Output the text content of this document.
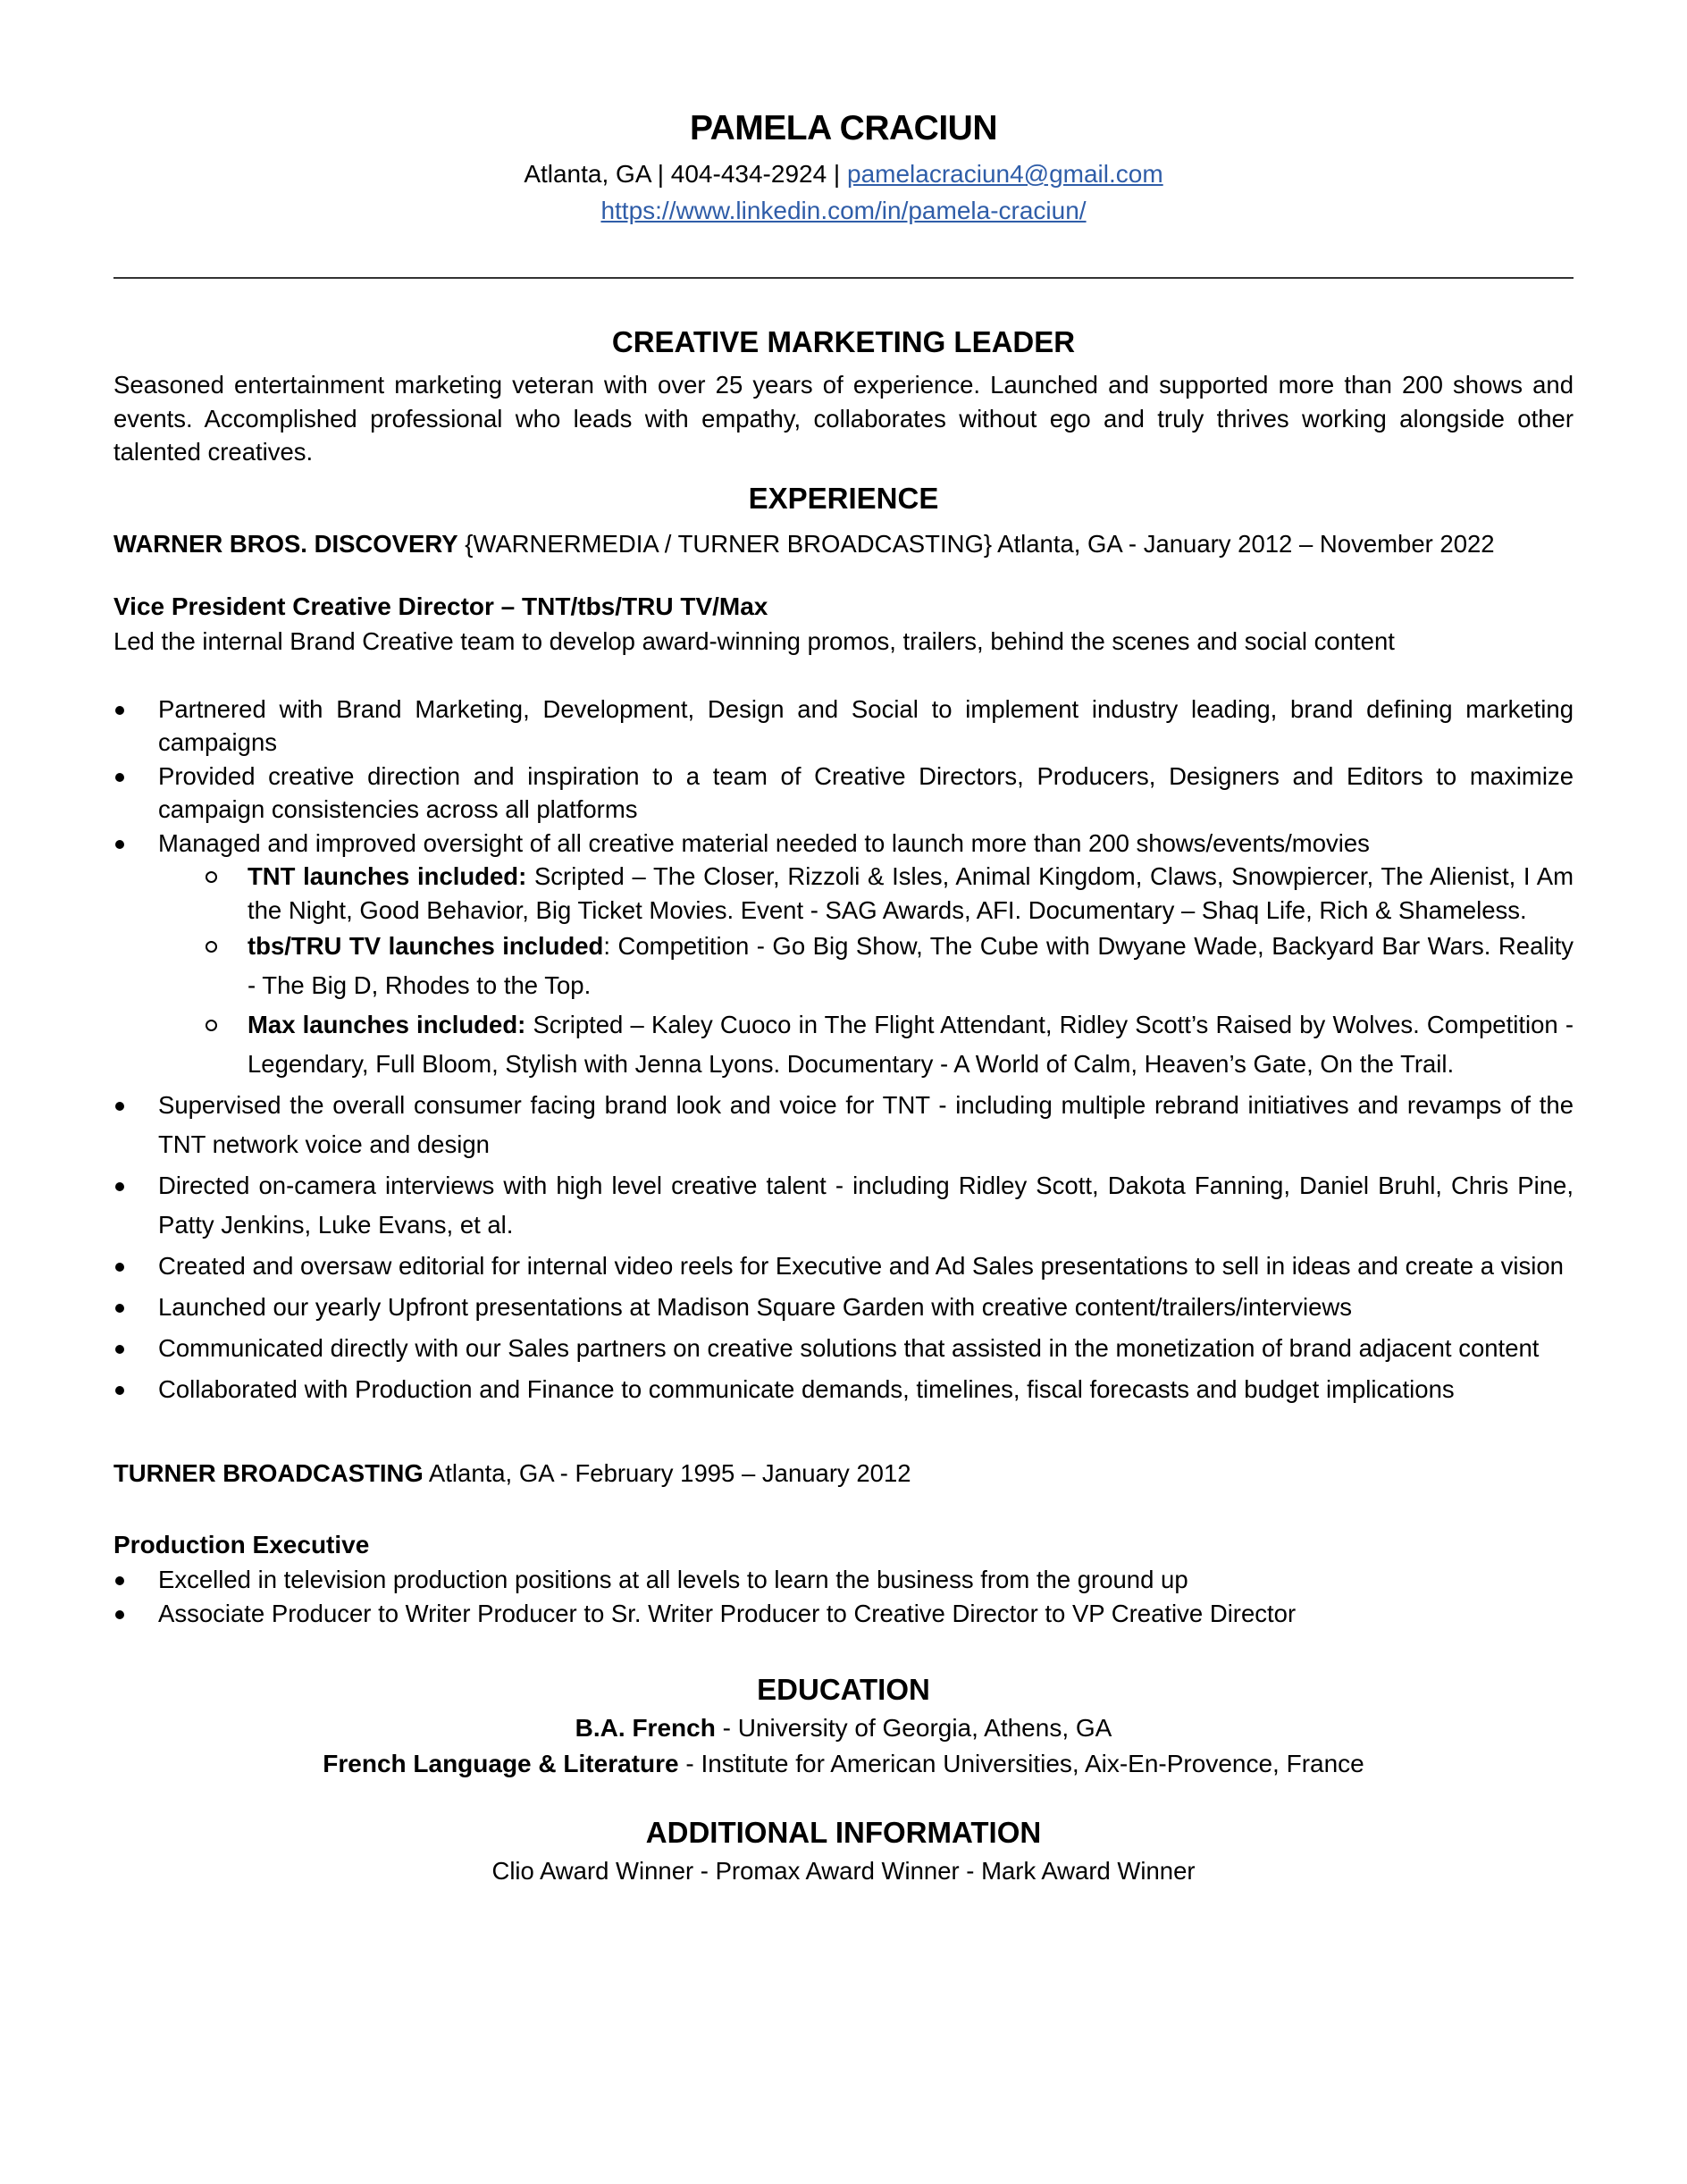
PAMELA CRACIUN
Atlanta, GA | 404-434-2924 | pamelacraciun4@gmail.com
https://www.linkedin.com/in/pamela-craciun/
CREATIVE MARKETING LEADER

Seasoned entertainment marketing veteran with over 25 years of experience. Launched and supported more than 200 shows and events. Accomplished professional who leads with empathy, collaborates without ego and truly thrives working alongside other talented creatives.

EXPERIENCE
WARNER BROS. DISCOVERY {WARNERMEDIA / TURNER BROADCASTING} Atlanta, GA - January 2012 – November 2022
Vice President Creative Director – TNT/tbs/TRU TV/Max
Led the internal Brand Creative team to develop award-winning promos, trailers, behind the scenes and social content
Partnered with Brand Marketing, Development, Design and Social to implement industry leading, brand defining marketing campaigns
Provided creative direction and inspiration to a team of Creative Directors, Producers, Designers and Editors to maximize campaign consistencies across all platforms
Managed and improved oversight of all creative material needed to launch more than 200 shows/events/movies
TNT launches included: Scripted – The Closer, Rizzoli & Isles, Animal Kingdom, Claws, Snowpiercer, The Alienist, I Am the Night, Good Behavior, Big Ticket Movies. Event - SAG Awards, AFI. Documentary – Shaq Life, Rich & Shameless.
tbs/TRU TV launches included: Competition - Go Big Show, The Cube with Dwyane Wade, Backyard Bar Wars. Reality - The Big D, Rhodes to the Top.
Max launches included: Scripted – Kaley Cuoco in The Flight Attendant, Ridley Scott’s Raised by Wolves. Competition - Legendary, Full Bloom, Stylish with Jenna Lyons. Documentary - A World of Calm, Heaven’s Gate, On the Trail.
Supervised the overall consumer facing brand look and voice for TNT - including multiple rebrand initiatives and revamps of the TNT network voice and design
Directed on-camera interviews with high level creative talent - including Ridley Scott, Dakota Fanning, Daniel Bruhl, Chris Pine, Patty Jenkins, Luke Evans, et al.
Created and oversaw editorial for internal video reels for Executive and Ad Sales presentations to sell in ideas and create a vision
Launched our yearly Upfront presentations at Madison Square Garden with creative content/trailers/interviews
Communicated directly with our Sales partners on creative solutions that assisted in the monetization of brand adjacent content
Collaborated with Production and Finance to communicate demands, timelines, fiscal forecasts and budget implications
TURNER BROADCASTING Atlanta, GA - February 1995 – January 2012
Production Executive
Excelled in television production positions at all levels to learn the business from the ground up
Associate Producer to Writer Producer to Sr. Writer Producer to Creative Director to VP Creative Director
EDUCATION
B.A. French - University of Georgia, Athens, GA
French Language & Literature - Institute for American Universities, Aix-En-Provence, France
ADDITIONAL INFORMATION
Clio Award Winner - Promax Award Winner - Mark Award Winner
